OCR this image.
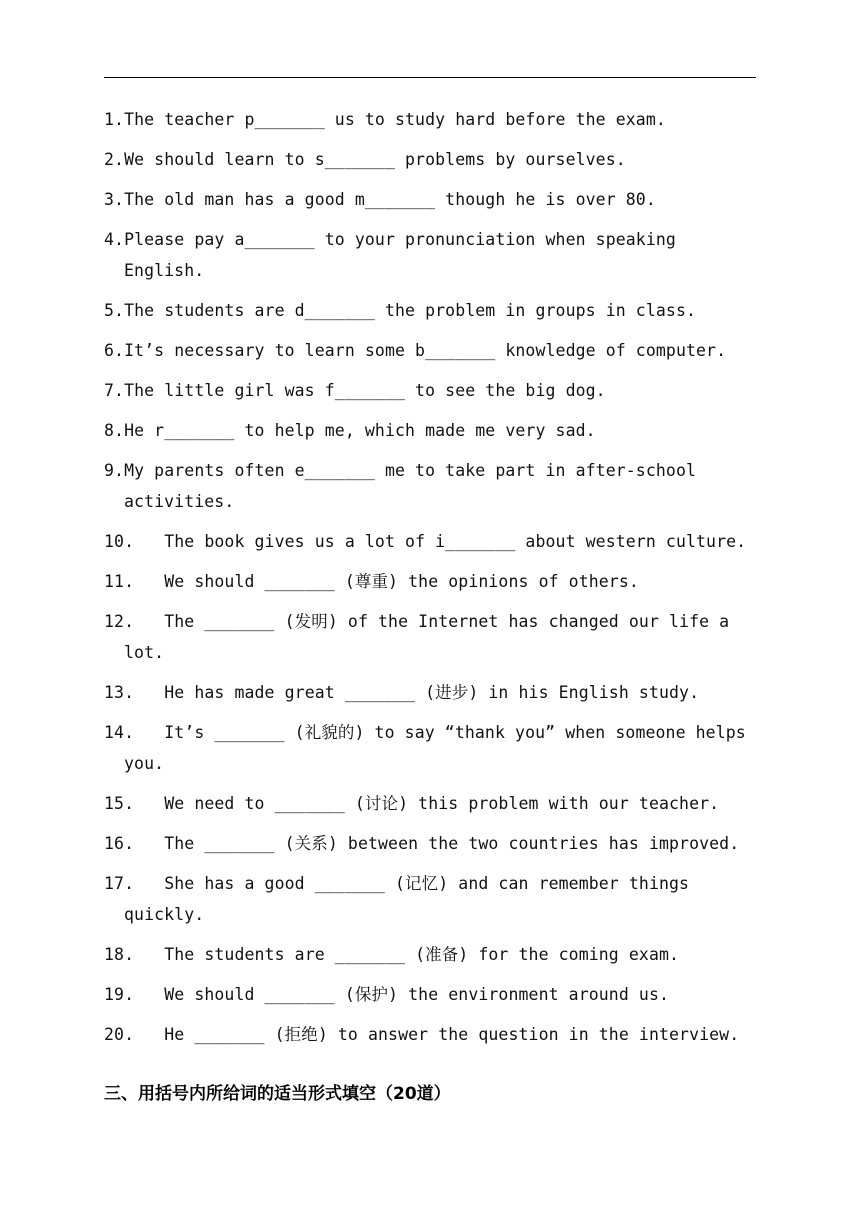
1.The teacher p_______ us to study hard before the exam.
2.We should learn to s_______ problems by ourselves.
3.The old man has a good m_______ though he is over 80.
4.Please pay a_______ to your pronunciation when speaking English.
5.The students are d_______ the problem in groups in class.
6.It’s necessary to learn some b_______ knowledge of computer.
7.The little girl was f_______ to see the big dog.
8.He r_______ to help me, which made me very sad.
9.My parents often e_______ me to take part in after-school activities.
10. The book gives us a lot of i_______ about western culture.
11. We should _______ (尊重) the opinions of others.
12. The _______ (发明) of the Internet has changed our life a lot.
13. He has made great _______ (进步) in his English study.
14. It’s _______ (礼貌的) to say “thank you” when someone helps you.
15. We need to _______ (讨论) this problem with our teacher.
16. The _______ (关系) between the two countries has improved.
17. She has a good _______ (记忆) and can remember things quickly.
18. The students are _______ (准备) for the coming exam.
19. We should _______ (保护) the environment around us.
20. He _______ (拒绝) to answer the question in the interview.
三、用括号内所给词的适当形式填空（20道）
